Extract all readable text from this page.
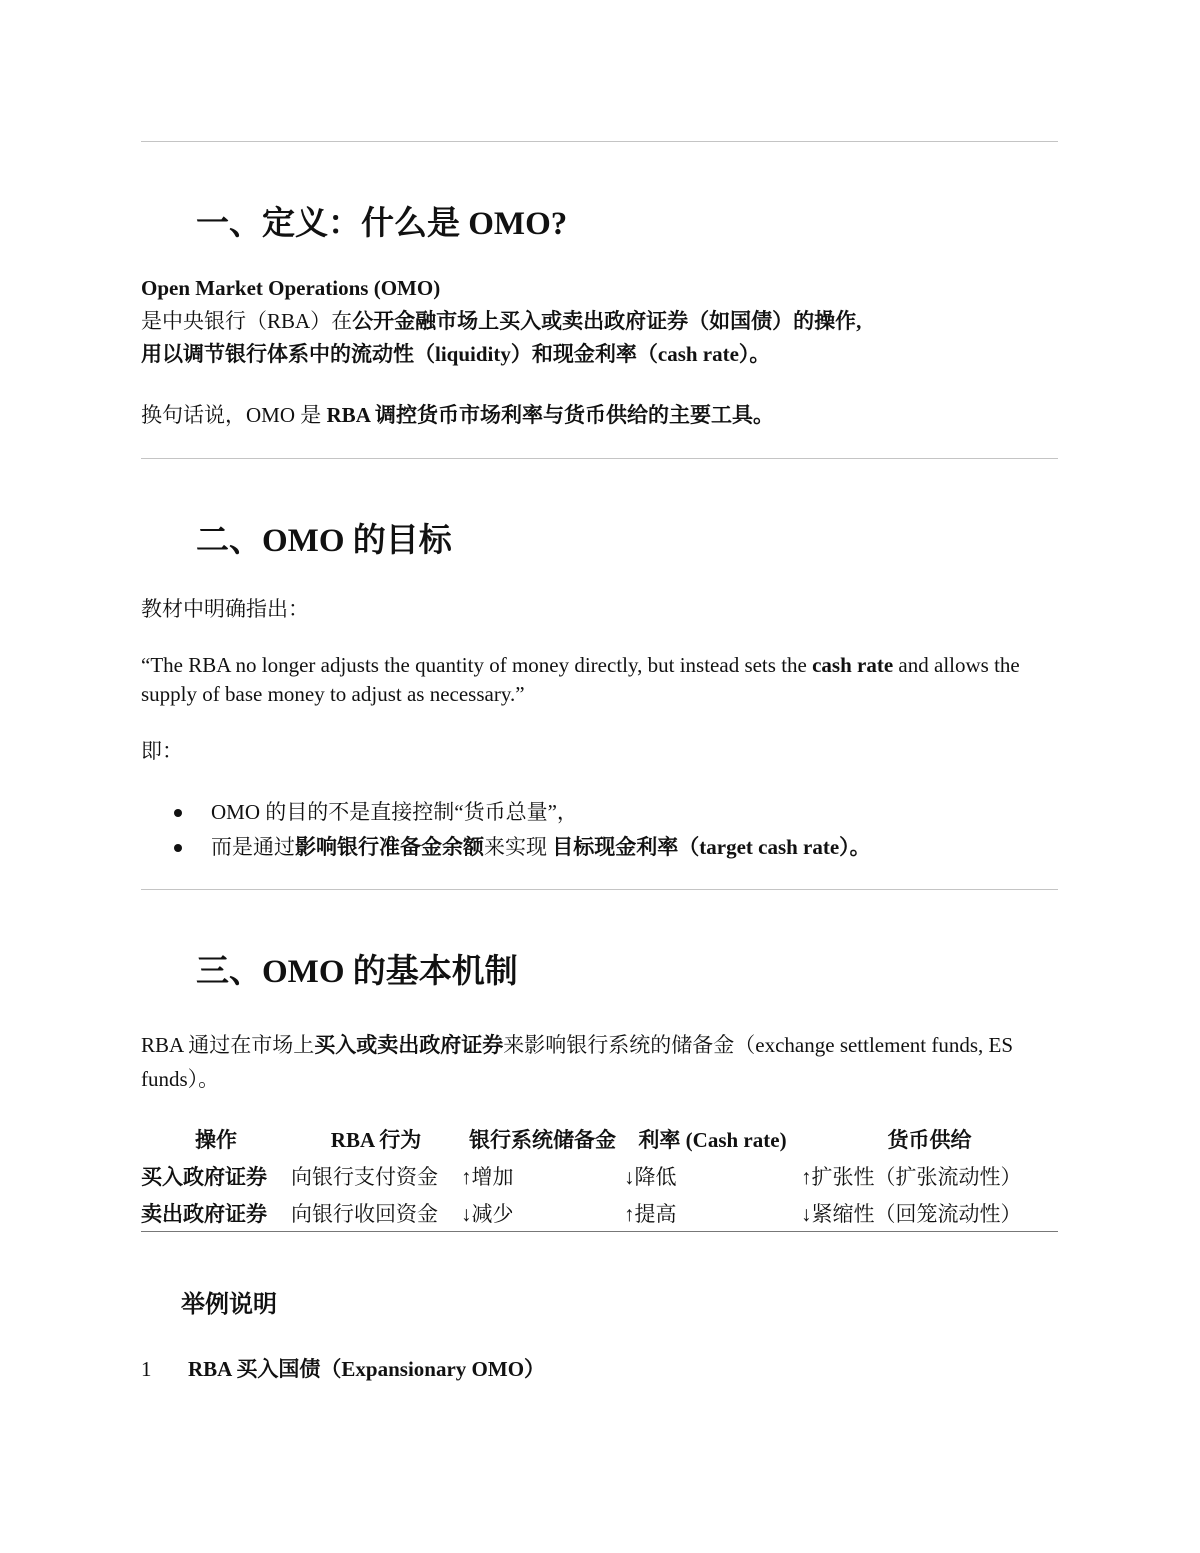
一、定义：什么是 OMO?

Open Market Operations (OMO)

是中央银行（RBA）在公开金融市场上买入或卖出政府证券（如国债）的操作,

用以调节银行体系中的流动性（liquidity）和现金利率（cash rate）。

换句话说，OMO 是 RBA 调控货币市场利率与货币供给的主要工具。

二、OMO 的目标

教材中明确指出：

“The RBA no longer adjusts the quantity of money directly, but instead sets the cash rate and allows the supply of base money to adjust as necessary.”

即：

OMO 的目的不是直接控制“货币总量”，
而是通过影响银行准备金余额来实现 目标现金利率（target cash rate）。
三、OMO 的基本机制

RBA 通过在市场上买入或卖出政府证券来影响银行系统的储备金（exchange settlement funds, ES funds）。

操作	RBA 行为	银行系统储备金	利率 (Cash rate)	货币供给
买入政府证券	向银行支付资金	↑增加	↓降低	↑扩张性（扩张流动性）
卖出政府证券	向银行收回资金	↓减少	↑提高	↓紧缩性（回笼流动性）
举例说明
1 RBA 买入国债（Expansionary OMO）
